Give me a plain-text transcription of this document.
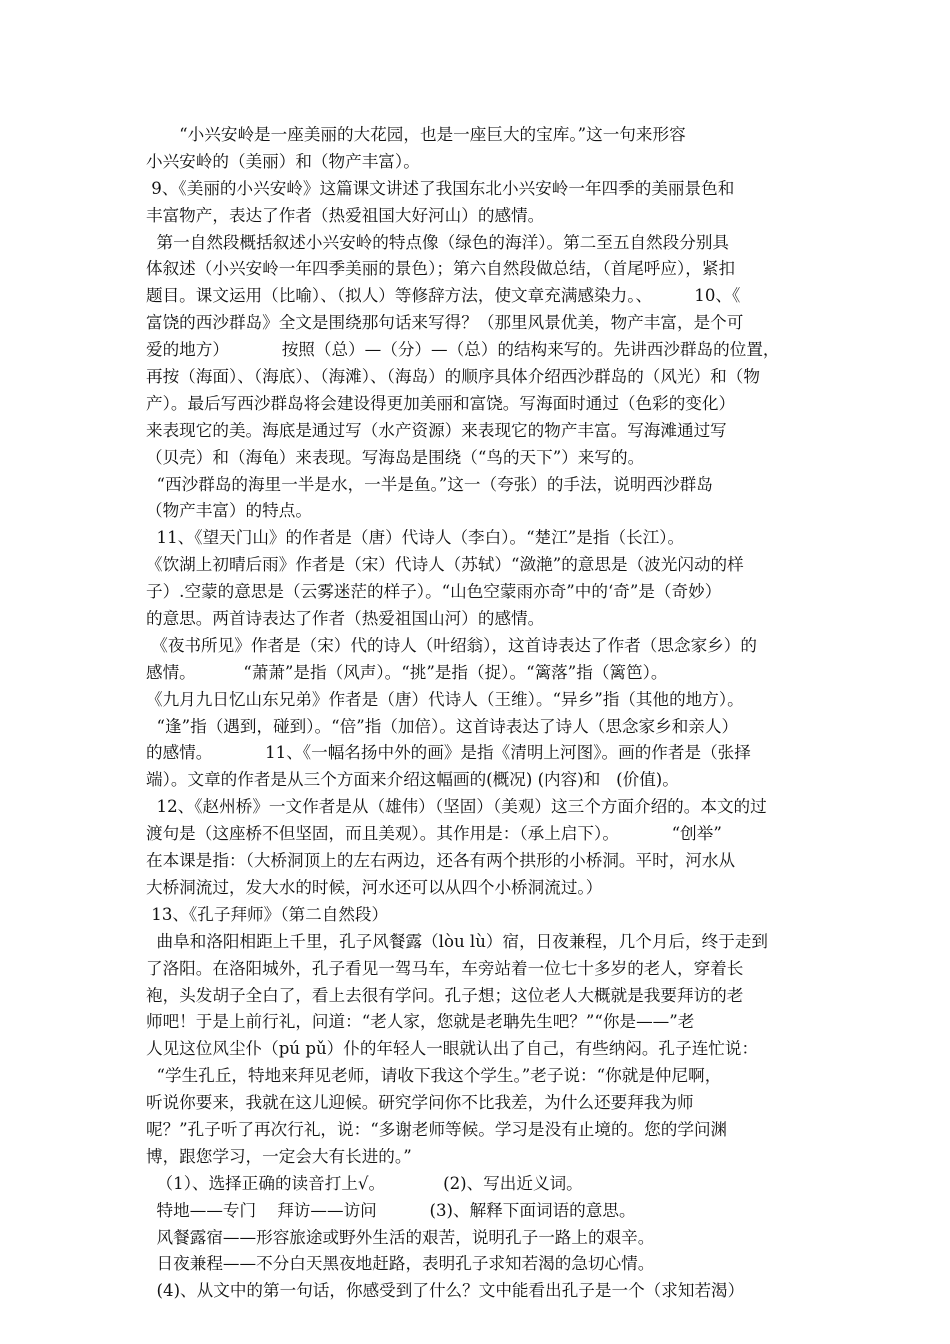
　　“小兴安岭是一座美丽的大花园，也是一座巨大的宝库。”这一句来形容
小兴安岭的（美丽）和（物产丰富）。
9、《美丽的小兴安岭》这篇课文讲述了我国东北小兴安岭一年四季的美丽景色和
丰富物产，表达了作者（热爱祖国大好河山）的感情。
第一自然段概括叙述小兴安岭的特点像（绿色的海洋）。第二至五自然段分别具
体叙述（小兴安岭一年四季美丽的景色）；第六自然段做总结，（首尾呼应），紧扣
题目。课文运用（比喻）、（拟人）等修辞方法，使文章充满感染力。、        10、《
富饶的西沙群岛》全文是围绕那句话来写得？（那里风景优美，物产丰富，是个可
爱的地方）          按照（总）—（分）—（总）的结构来写的。先讲西沙群岛的位置，
再按（海面）、（海底）、（海滩）、（海岛）的顺序具体介绍西沙群岛的（风光）和（物
产）。最后写西沙群岛将会建设得更加美丽和富饶。写海面时通过（色彩的变化）
来表现它的美。海底是通过写（水产资源）来表现它的物产丰富。写海滩通过写
（贝壳）和（海龟）来表现。写海岛是围绕（“鸟的天下”）来写的。
“西沙群岛的海里一半是水，一半是鱼。”这一（夸张）的手法，说明西沙群岛
（物产丰富）的特点。
11、《望天门山》的作者是（唐）代诗人（李白）。“楚江”是指（长江）。
《饮湖上初晴后雨》作者是（宋）代诗人（苏轼）“潋滟”的意思是（波光闪动的样
子）.空蒙的意思是（云雾迷茫的样子）。“山色空蒙雨亦奇”中的‘奇”是（奇妙）
的意思。两首诗表达了作者（热爱祖国山河）的感情。
《夜书所见》作者是（宋）代的诗人（叶绍翁），这首诗表达了作者（思念家乡）的
感情。         “萧萧”是指（风声）。“挑”是指（捉）。“篱落”指（篱笆）。
《九月九日忆山东兄弟》作者是（唐）代诗人（王维）。“异乡”指（其他的地方）。
“逢”指（遇到，碰到）。“倍”指（加倍）。这首诗表达了诗人（思念家乡和亲人）
的感情。          11、《一幅名扬中外的画》是指《清明上河图》。画的作者是（张择
端）。文章的作者是从三个方面来介绍这幅画的(概况) (内容)和   (价值)。
12、《赵州桥》一文作者是从（雄伟）（坚固）（美观）这三个方面介绍的。本文的过
渡句是（这座桥不但坚固，而且美观）。其作用是：（承上启下）。          “创举”
在本课是指：（大桥洞顶上的左右两边，还各有两个拱形的小桥洞。平时，河水从
大桥洞流过，发大水的时候，河水还可以从四个小桥洞流过。）
13、《孔子拜师》（第二自然段）
曲阜和洛阳相距上千里，孔子风餐露（lòu lù）宿，日夜兼程，几个月后，终于走到
了洛阳。在洛阳城外，孔子看见一驾马车，车旁站着一位七十多岁的老人，穿着长
袍，头发胡子全白了，看上去很有学问。孔子想；这位老人大概就是我要拜访的老
师吧！于是上前行礼，问道：“老人家，您就是老聃先生吧？”“你是——”老
人见这位风尘仆（pú pǔ）仆的年轻人一眼就认出了自己，有些纳闷。孔子连忙说：
“学生孔丘，特地来拜见老师，请收下我这个学生。”老子说：“你就是仲尼啊，
听说你要来，我就在这儿迎候。研究学问你不比我差，为什么还要拜我为师
呢？”孔子听了再次行礼，说：“多谢老师等候。学习是没有止境的。您的学问渊
博，跟您学习，一定会大有长进的。”
（1）、选择正确的读音打上√。           (2)、写出近义词。
特地——专门    拜访——访问          (3)、解释下面词语的意思。
风餐露宿——形容旅途或野外生活的艰苦，说明孔子一路上的艰辛。
日夜兼程——不分白天黑夜地赶路，表明孔子求知若渴的急切心情。
(4)、从文中的第一句话，你感受到了什么？文中能看出孔子是一个（求知若渴）
